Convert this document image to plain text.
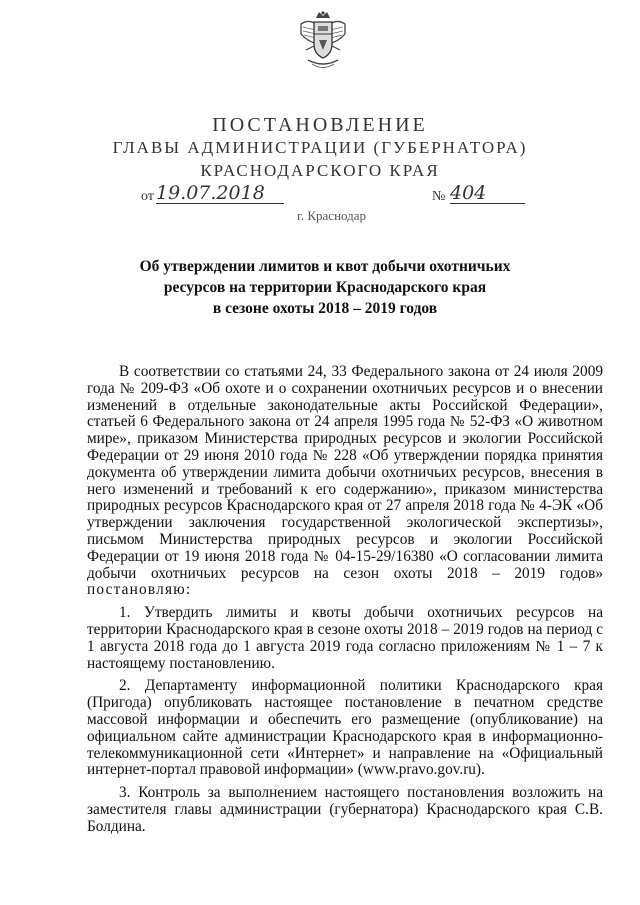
ПОСТАНОВЛЕНИЕ
ГЛАВЫ АДМИНИСТРАЦИИ (ГУБЕРНАТОРА)
КРАСНОДАРСКОГО КРАЯ
от 19.07.2018	№ 404
г. Краснодар
Об утверждении лимитов и квот добычи охотничьих
ресурсов на территории Краснодарского края
в сезоне охоты 2018 – 2019 годов

В соответствии со статьями 24, 33 Федерального закона от 24 июля 2009 года № 209-ФЗ «Об охоте и о сохранении охотничьих ресурсов и о внесении изменений в отдельные законодательные акты Российской Федерации», статьей 6 Федерального закона от 24 апреля 1995 года № 52-ФЗ «О животном мире», приказом Министерства природных ресурсов и экологии Российской Федерации от 29 июня 2010 года № 228 «Об утверждении порядка принятия документа об утверждении лимита добычи охотничьих ресурсов, внесения в него изменений и требований к его содержанию», приказом министерства природных ресурсов Краснодарского края от 27 апреля 2018 года № 4-ЭК «Об утверждении заключения государственной экологической экспертизы», письмом Министерства природных ресурсов и экологии Российской Федерации от 19 июня 2018 года № 04-15-29/16380 «О согласовании лимита добычи охотничьих ресурсов на сезон охоты 2018 – 2019 годов» постановляю:

1. Утвердить лимиты и квоты добычи охотничьих ресурсов на территории Краснодарского края в сезоне охоты 2018 – 2019 годов на период с 1 августа 2018 года до 1 августа 2019 года согласно приложениям № 1 – 7 к настоящему постановлению.

2. Департаменту информационной политики Краснодарского края (Пригода) опубликовать настоящее постановление в печатном средстве массовой информации и обеспечить его размещение (опубликование) на официальном сайте администрации Краснодарского края в информационно-телекоммуникационной сети «Интернет» и направление на «Официальный интернет-портал правовой информации» (www.pravo.gov.ru).

3. Контроль за выполнением настоящего постановления возложить на заместителя главы администрации (губернатора) Краснодарского края С.В. Болдина.
